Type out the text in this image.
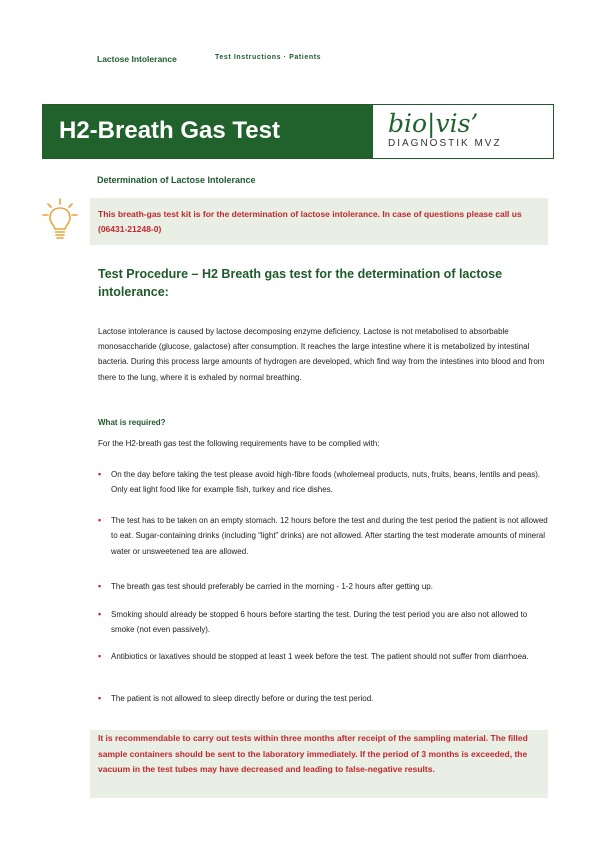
Lactose Intolerance	Test Instructions · Patients
H2-Breath Gas Test	bio|vis’
DIAGNOSTIK MVZ
Determination of Lactose Intolerance

This breath-gas test kit is for the determination of lactose intolerance. In case of questions please call us (06431-21248-0)

Test Procedure – H2 Breath gas test for the determination of lactose intolerance:

Lactose intolerance is caused by lactose decomposing enzyme deficiency. Lactose is not metabolised to absorbable monosaccharide (glucose, galactose) after consumption. It reaches the large intestine where it is metabolized by intestinal bacteria. During this process large amounts of hydrogen are developed, which find way from the intestines into blood and from there to the lung, where it is exhaled by normal breathing.

What is required?
For the H2-breath gas test the following requirements have to be complied with:
• On the day before taking the test please avoid high-fibre foods (wholemeal products, nuts, fruits, beans, lentils and peas). Only eat light food like for example fish, turkey and rice dishes.
• The test has to be taken on an empty stomach. 12 hours before the test and during the test period the patient is not allowed to eat. Sugar-containing drinks (including “light” drinks) are not allowed. After starting the test moderate amounts of mineral water or unsweetened tea are allowed.
• The breath gas test should preferably be carried in the morning - 1-2 hours after getting up.
• Smoking should already be stopped 6 hours before starting the test. During the test period you are also not allowed to smoke (not even passively).
• Antibiotics or laxatives should be stopped at least 1 week before the test. The patient should not suffer from diarrhoea.
• The patient is not allowed to sleep directly before or during the test period.

It is recommendable to carry out tests within three months after receipt of the sampling material. The filled sample containers should be sent to the laboratory immediately. If the period of 3 months is exceeded, the vacuum in the test tubes may have decreased and leading to false-negative results.
